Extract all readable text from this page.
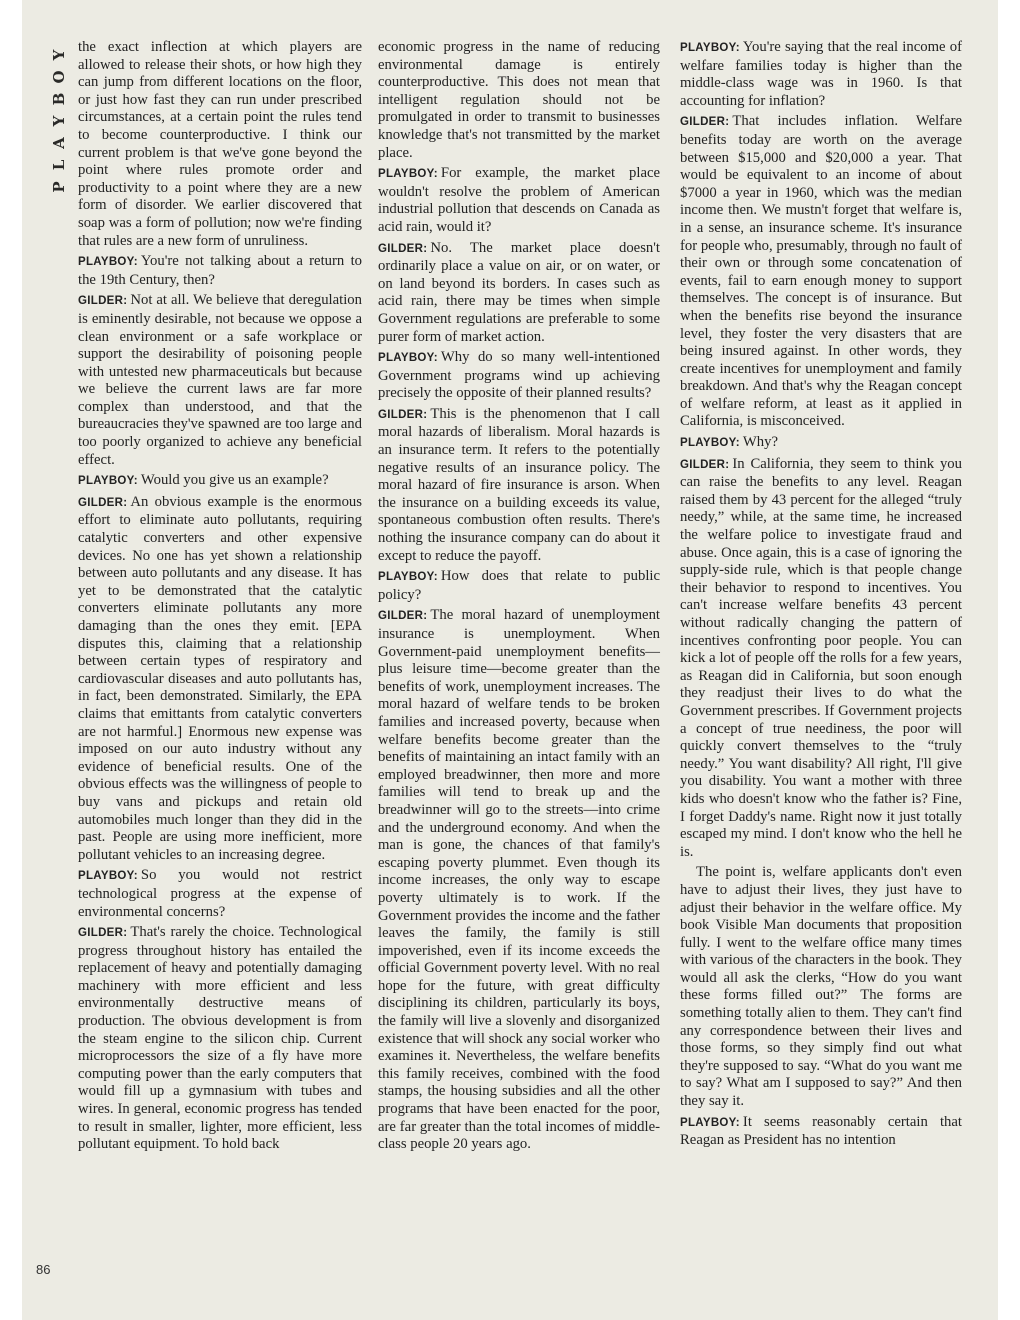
Y
O
B
Y
A
L
P
86

the exact inflection at which players are allowed to release their shots, or how high they can jump from different locations on the floor, or just how fast they can run under prescribed circumstances, at a certain point the rules tend to become counterproductive. I think our current problem is that we've gone beyond the point where rules promote order and productivity to a point where they are a new form of disorder. We earlier discovered that soap was a form of pollution; now we're finding that rules are a new form of unruliness.

PLAYBOY: You're not talking about a return to the 19th Century, then?

GILDER: Not at all. We believe that deregulation is eminently desirable, not because we oppose a clean environment or a safe workplace or support the desirability of poisoning people with untested new pharmaceuticals but because we believe the current laws are far more complex than understood, and that the bureaucracies they've spawned are too large and too poorly organized to achieve any beneficial effect.

PLAYBOY: Would you give us an example?

GILDER: An obvious example is the enormous effort to eliminate auto pollutants, requiring catalytic converters and other expensive devices. No one has yet shown a relationship between auto pollutants and any disease. It has yet to be demonstrated that the catalytic converters eliminate pollutants any more damaging than the ones they emit. [EPA disputes this, claiming that a relationship between certain types of respiratory and cardiovascular diseases and auto pollutants has, in fact, been demonstrated. Similarly, the EPA claims that emittants from catalytic converters are not harmful.] Enormous new expense was imposed on our auto industry without any evidence of beneficial results. One of the obvious effects was the willingness of people to buy vans and pickups and retain old automobiles much longer than they did in the past. People are using more inefficient, more pollutant vehicles to an increasing degree.

PLAYBOY: So you would not restrict technological progress at the expense of environmental concerns?

GILDER: That's rarely the choice. Technological progress throughout history has entailed the replacement of heavy and potentially damaging machinery with more efficient and less environmentally destructive means of production. The obvious development is from the steam engine to the silicon chip. Current microprocessors the size of a fly have more computing power than the early computers that would fill up a gymnasium with tubes and wires. In general, economic progress has tended to result in smaller, lighter, more efficient, less pollutant equipment. To hold back

economic progress in the name of reducing environmental damage is entirely counterproductive. This does not mean that intelligent regulation should not be promulgated in order to transmit to businesses knowledge that's not transmitted by the market place.

PLAYBOY: For example, the market place wouldn't resolve the problem of American industrial pollution that descends on Canada as acid rain, would it?

GILDER: No. The market place doesn't ordinarily place a value on air, or on water, or on land beyond its borders. In cases such as acid rain, there may be times when simple Government regulations are preferable to some purer form of market action.

PLAYBOY: Why do so many well-intentioned Government programs wind up achieving precisely the opposite of their planned results?

GILDER: This is the phenomenon that I call moral hazards of liberalism. Moral hazards is an insurance term. It refers to the potentially negative results of an insurance policy. The moral hazard of fire insurance is arson. When the insurance on a building exceeds its value, spontaneous combustion often results. There's nothing the insurance company can do about it except to reduce the payoff.

PLAYBOY: How does that relate to public policy?

GILDER: The moral hazard of unemployment insurance is unemployment. When Government-paid unemployment benefits—plus leisure time—become greater than the benefits of work, unemployment increases. The moral hazard of welfare tends to be broken families and increased poverty, because when welfare benefits become greater than the benefits of maintaining an intact family with an employed breadwinner, then more and more families will tend to break up and the breadwinner will go to the streets—into crime and the underground economy. And when the man is gone, the chances of that family's escaping poverty plummet. Even though its income increases, the only way to escape poverty ultimately is to work. If the Government provides the income and the father leaves the family, the family is still impoverished, even if its income exceeds the official Government poverty level. With no real hope for the future, with great difficulty disciplining its children, particularly its boys, the family will live a slovenly and disorganized existence that will shock any social worker who examines it. Nevertheless, the welfare benefits this family receives, combined with the food stamps, the housing subsidies and all the other programs that have been enacted for the poor, are far greater than the total incomes of middle-class people 20 years ago.

PLAYBOY: You're saying that the real income of welfare families today is higher than the middle-class wage was in 1960. Is that accounting for inflation?

GILDER: That includes inflation. Welfare benefits today are worth on the average between $15,000 and $20,000 a year. That would be equivalent to an income of about $7000 a year in 1960, which was the median income then. We mustn't forget that welfare is, in a sense, an insurance scheme. It's insurance for people who, presumably, through no fault of their own or through some concatenation of events, fail to earn enough money to support themselves. The concept is of insurance. But when the benefits rise beyond the insurance level, they foster the very disasters that are being insured against. In other words, they create incentives for unemployment and family breakdown. And that's why the Reagan concept of welfare reform, at least as it applied in California, is misconceived.

PLAYBOY: Why?

GILDER: In California, they seem to think you can raise the benefits to any level. Reagan raised them by 43 percent for the alleged “truly needy,” while, at the same time, he increased the welfare police to investigate fraud and abuse. Once again, this is a case of ignoring the supply-side rule, which is that people change their behavior to respond to incentives. You can't increase welfare benefits 43 percent without radically changing the pattern of incentives confronting poor people. You can kick a lot of people off the rolls for a few years, as Reagan did in California, but soon enough they readjust their lives to do what the Government prescribes. If Government projects a concept of true neediness, the poor will quickly convert themselves to the “truly needy.” You want disability? All right, I'll give you disability. You want a mother with three kids who doesn't know who the father is? Fine, I forget Daddy's name. Right now it just totally escaped my mind. I don't know who the hell he is.

The point is, welfare applicants don't even have to adjust their lives, they just have to adjust their behavior in the welfare office. My book Visible Man documents that proposition fully. I went to the welfare office many times with various of the characters in the book. They would all ask the clerks, “How do you want these forms filled out?” The forms are something totally alien to them. They can't find any correspondence between their lives and those forms, so they simply find out what they're supposed to say. “What do you want me to say? What am I supposed to say?” And then they say it.

PLAYBOY: It seems reasonably certain that Reagan as President has no intention
